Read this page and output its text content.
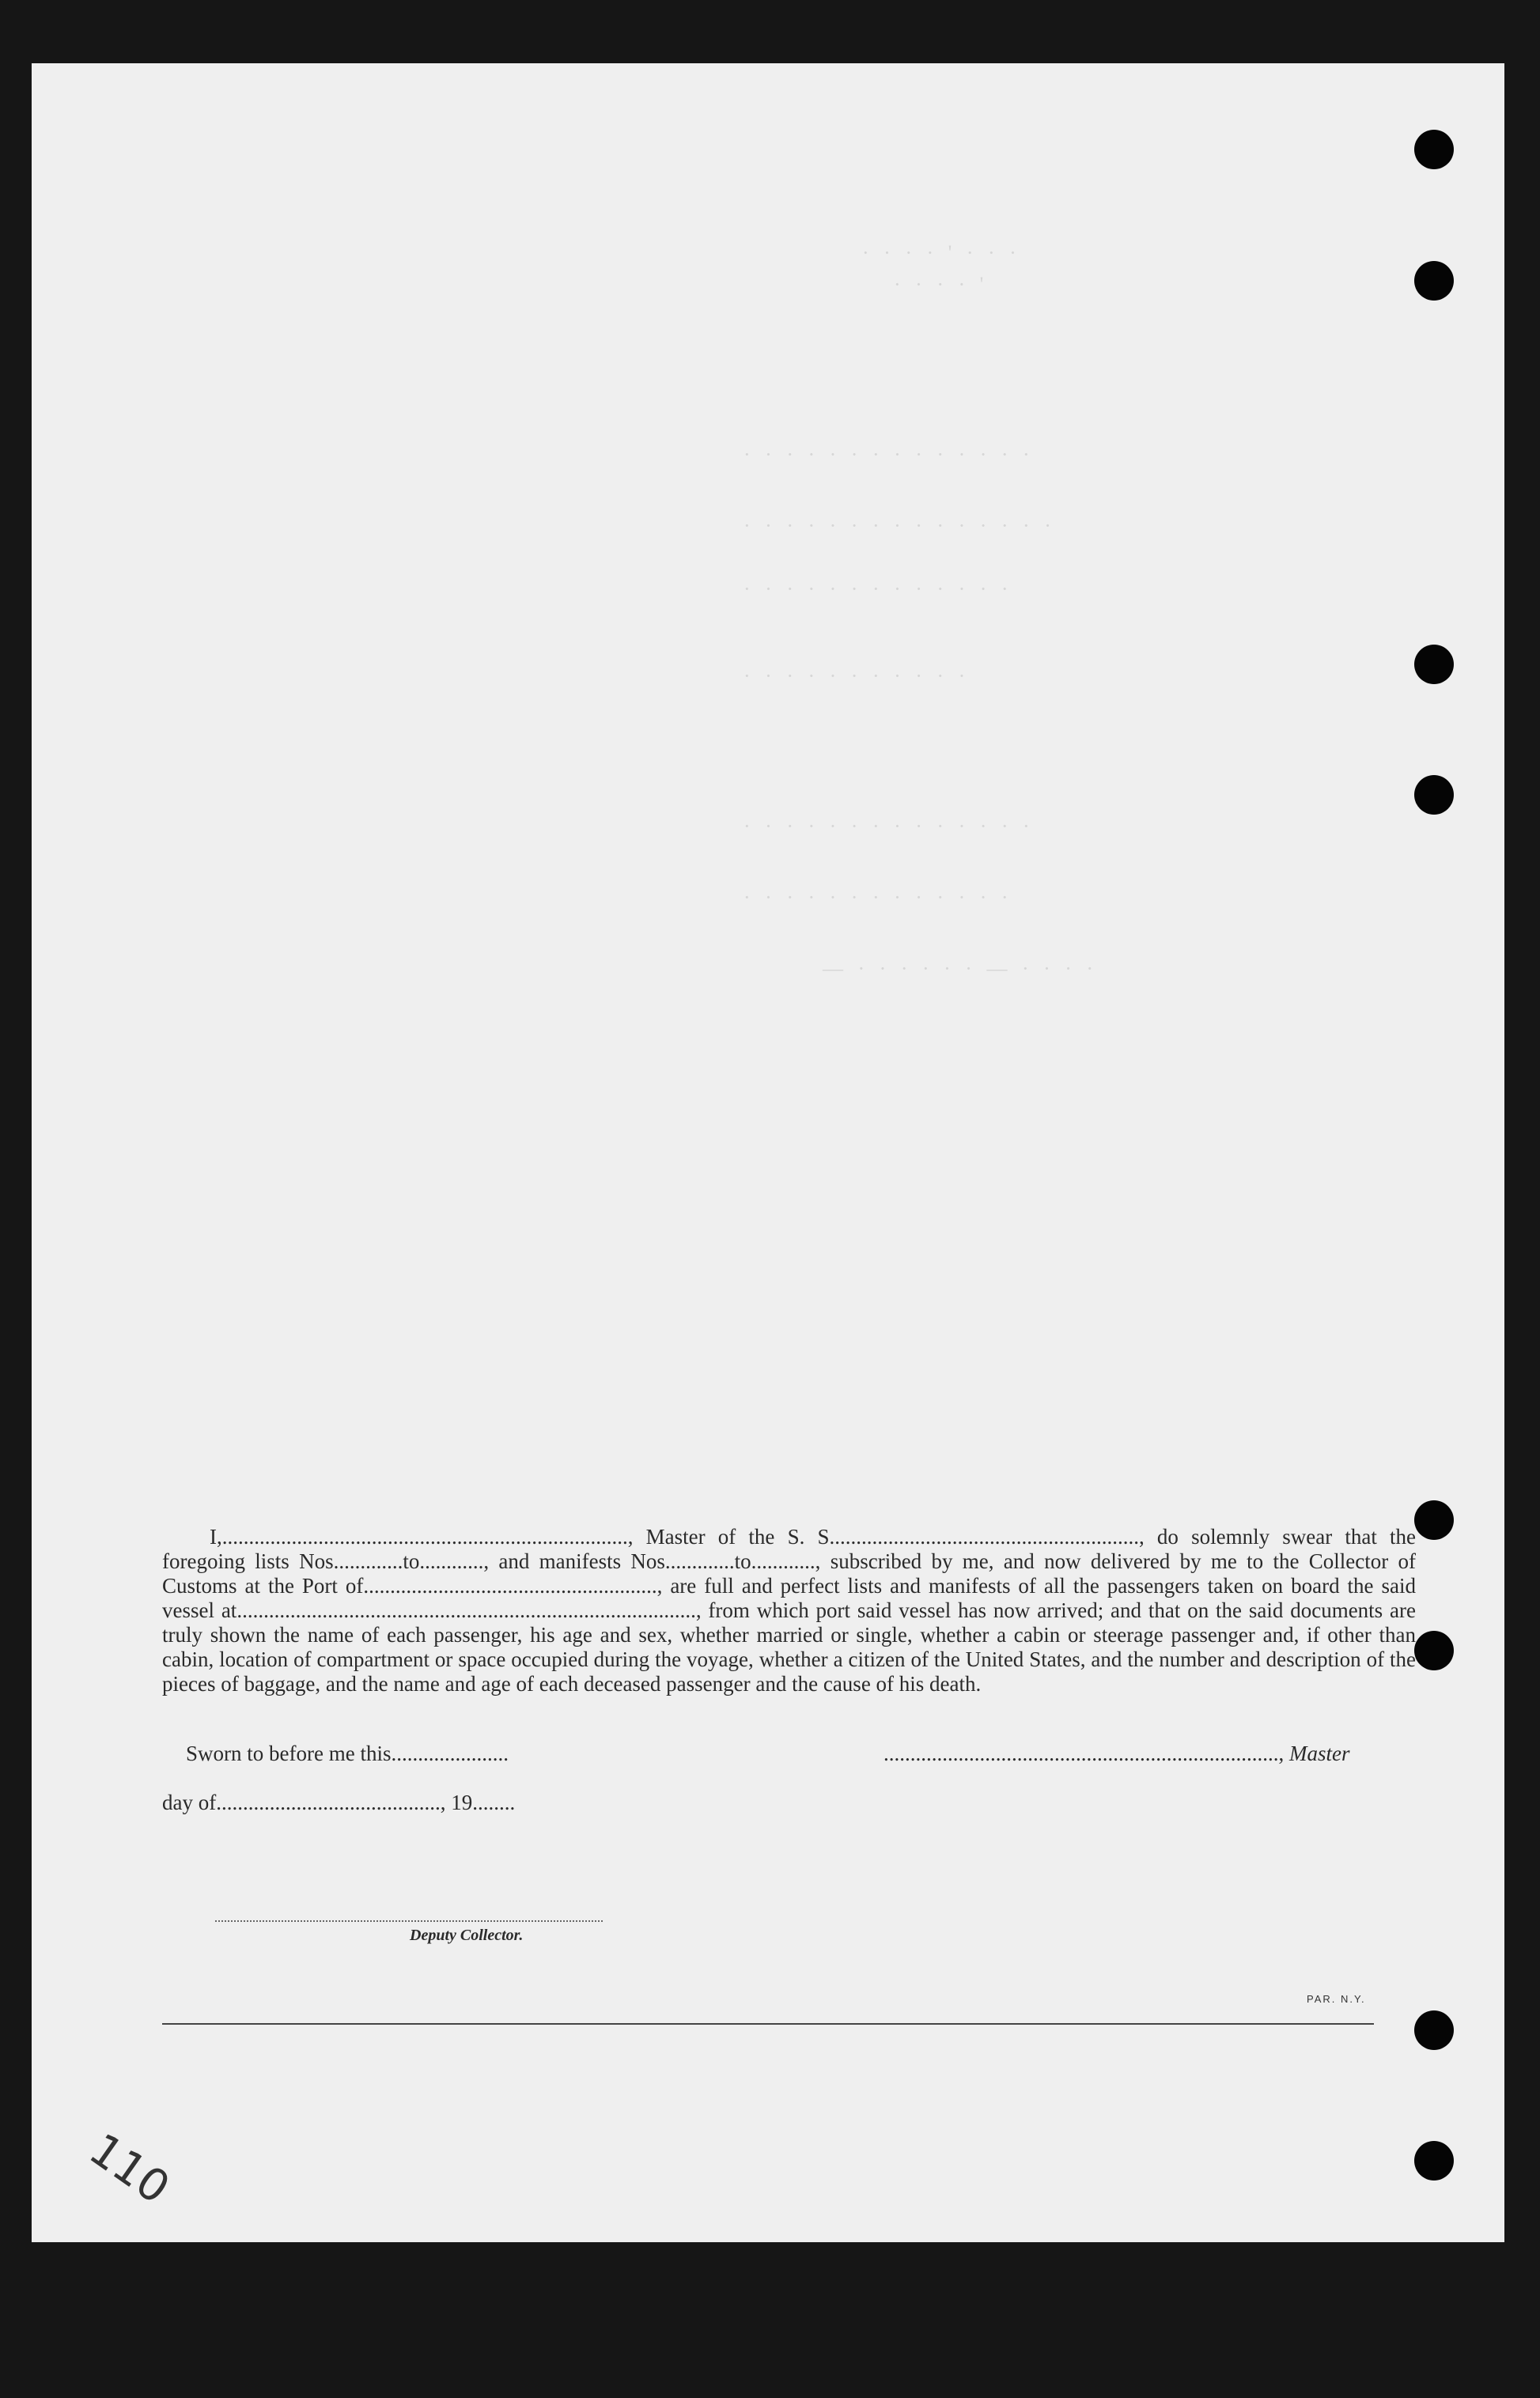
· · · · ' · · ·
· · · · '
· · · · · · · · · · · · · ·
· · · · · · · · · · · · · · ·
· · · · · · · · · · · · ·
· · · · · · · · · · ·
· · · · · · · · · · · · · ·
· · · · · · · · · · · · ·
— · · · · · · — · · · ·

I,............................................................................, Master of the S. S.........................................................., do solemnly swear that the foregoing lists Nos.............to............, and manifests Nos.............to............, subscribed by me, and now delivered by me to the Collector of Customs at the Port of......................................................., are full and perfect lists and manifests of all the passengers taken on board the said vessel at......................................................................................, from which port said vessel has now arrived; and that on the said documents are truly shown the name of each passenger, his age and sex, whether married or single, whether a cabin or steerage passenger and, if other than cabin, location of compartment or space occupied during the voyage, whether a citizen of the United States, and the number and description of the pieces of baggage, and the name and age of each deceased passenger and the cause of his death.

Sworn to before me this......................	.........................................................................., Master
day of.........................................., 19........
Deputy Collector.
PAR. N.Y.
110
